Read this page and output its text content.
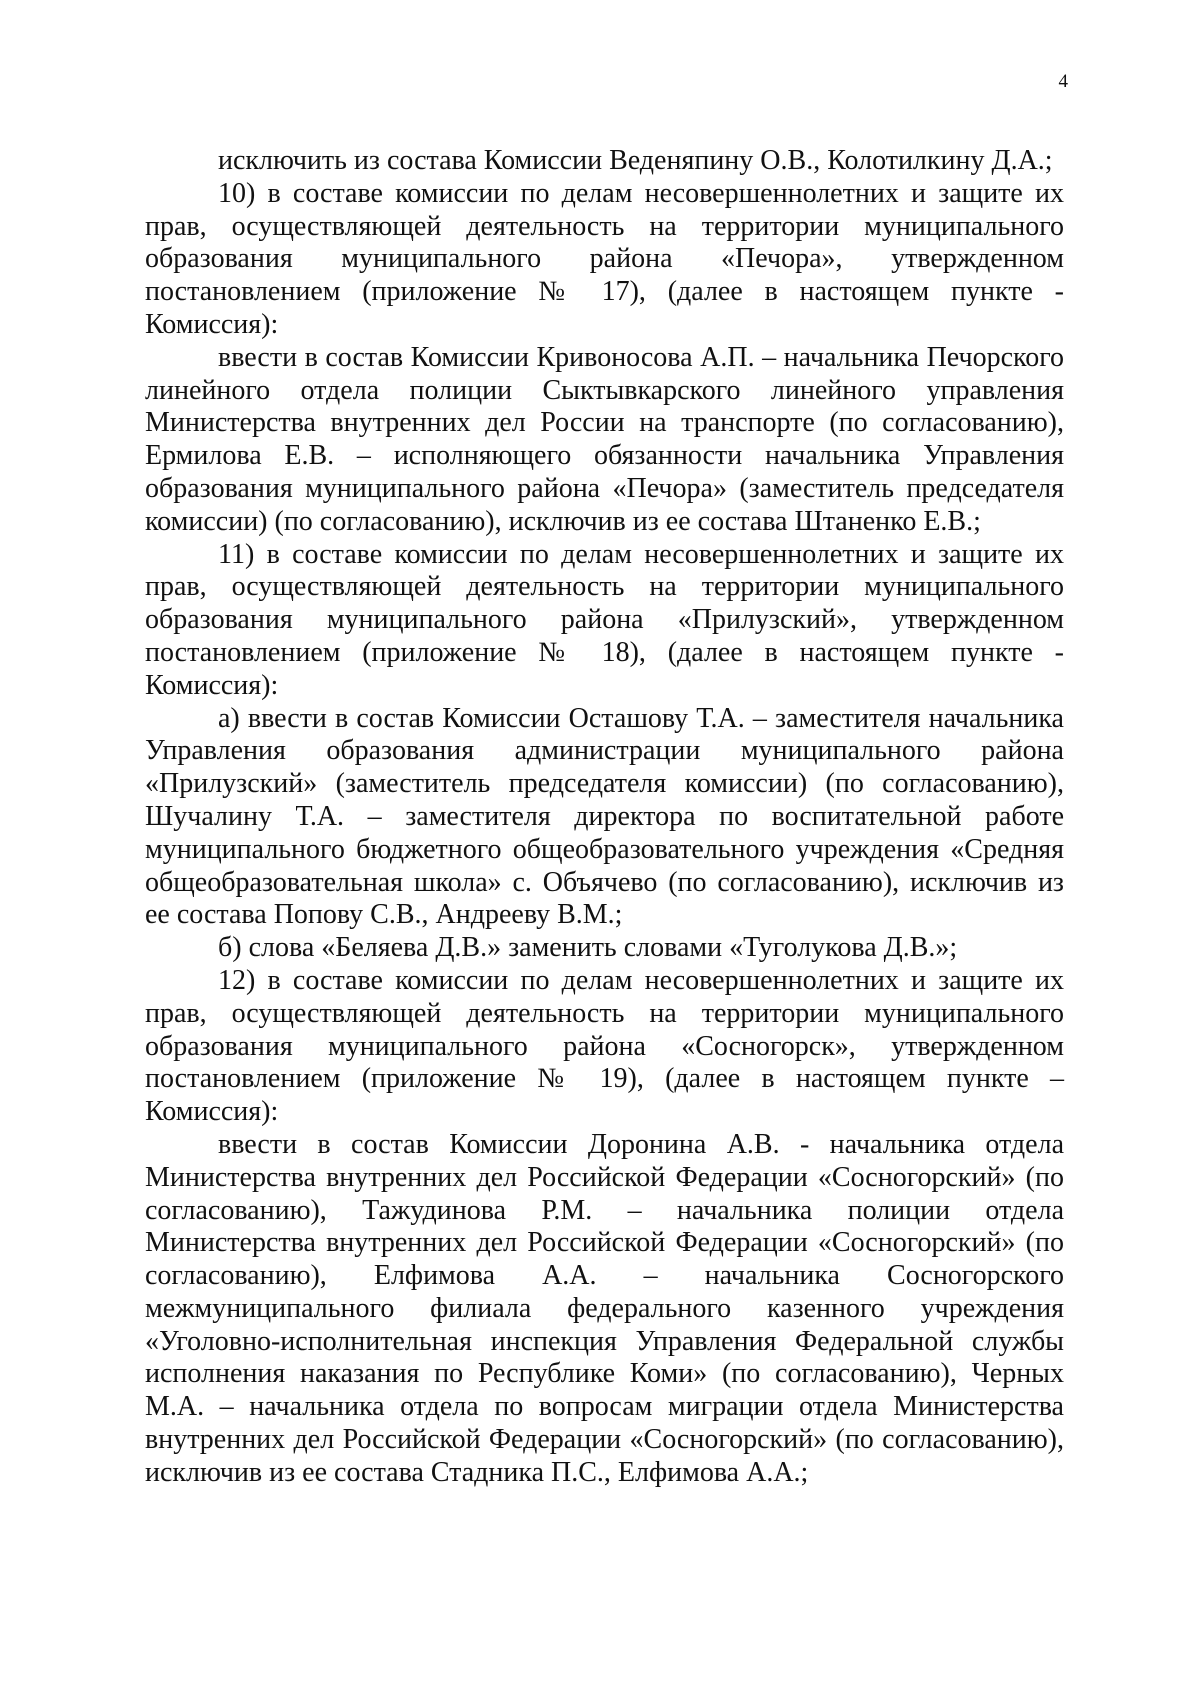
4

исключить из состава Комиссии Веденяпину О.В., Колотилкину Д.А.;

10) в составе комиссии по делам несовершеннолетних и защите их прав, осуществляющей деятельность на территории муниципального образования муниципального района «Печора», утвержденном постановлением (приложение № 17), (далее в настоящем пункте - Комиссия):

ввести в состав Комиссии Кривоносова А.П. – начальника Печорского линейного отдела полиции Сыктывкарского линейного управления Министерства внутренних дел России на транспорте (по согласованию), Ермилова Е.В. – исполняющего обязанности начальника Управления образования муниципального района «Печора» (заместитель председателя комиссии) (по согласованию), исключив из ее состава Штаненко Е.В.;

11) в составе комиссии по делам несовершеннолетних и защите их прав, осуществляющей деятельность на территории муниципального образования муниципального района «Прилузский», утвержденном постановлением (приложение № 18), (далее в настоящем пункте - Комиссия):

а) ввести в состав Комиссии Осташову Т.А. – заместителя начальника Управления образования администрации муниципального района «Прилузский» (заместитель председателя комиссии) (по согласованию), Шучалину Т.А. – заместителя директора по воспитательной работе муниципального бюджетного общеобразовательного учреждения «Средняя общеобразовательная школа» с. Объячево (по согласованию), исключив из ее состава Попову С.В., Андрееву В.М.;

б) слова «Беляева Д.В.» заменить словами «Туголукова Д.В.»;

12) в составе комиссии по делам несовершеннолетних и защите их прав, осуществляющей деятельность на территории муниципального образования муниципального района «Сосногорск», утвержденном постановлением (приложение № 19), (далее в настоящем пункте – Комиссия):

ввести в состав Комиссии Доронина А.В. - начальника отдела Министерства внутренних дел Российской Федерации «Сосногорский» (по согласованию), Тажудинова Р.М. – начальника полиции отдела Министерства внутренних дел Российской Федерации «Сосногорский» (по согласованию), Елфимова А.А. – начальника Сосногорского межмуниципального филиала федерального казенного учреждения «Уголовно-исполнительная инспекция Управления Федеральной службы исполнения наказания по Республике Коми» (по согласованию), Черных М.А. – начальника отдела по вопросам миграции отдела Министерства внутренних дел Российской Федерации «Сосногорский» (по согласованию), исключив из ее состава Стадника П.С., Елфимова А.А.;
